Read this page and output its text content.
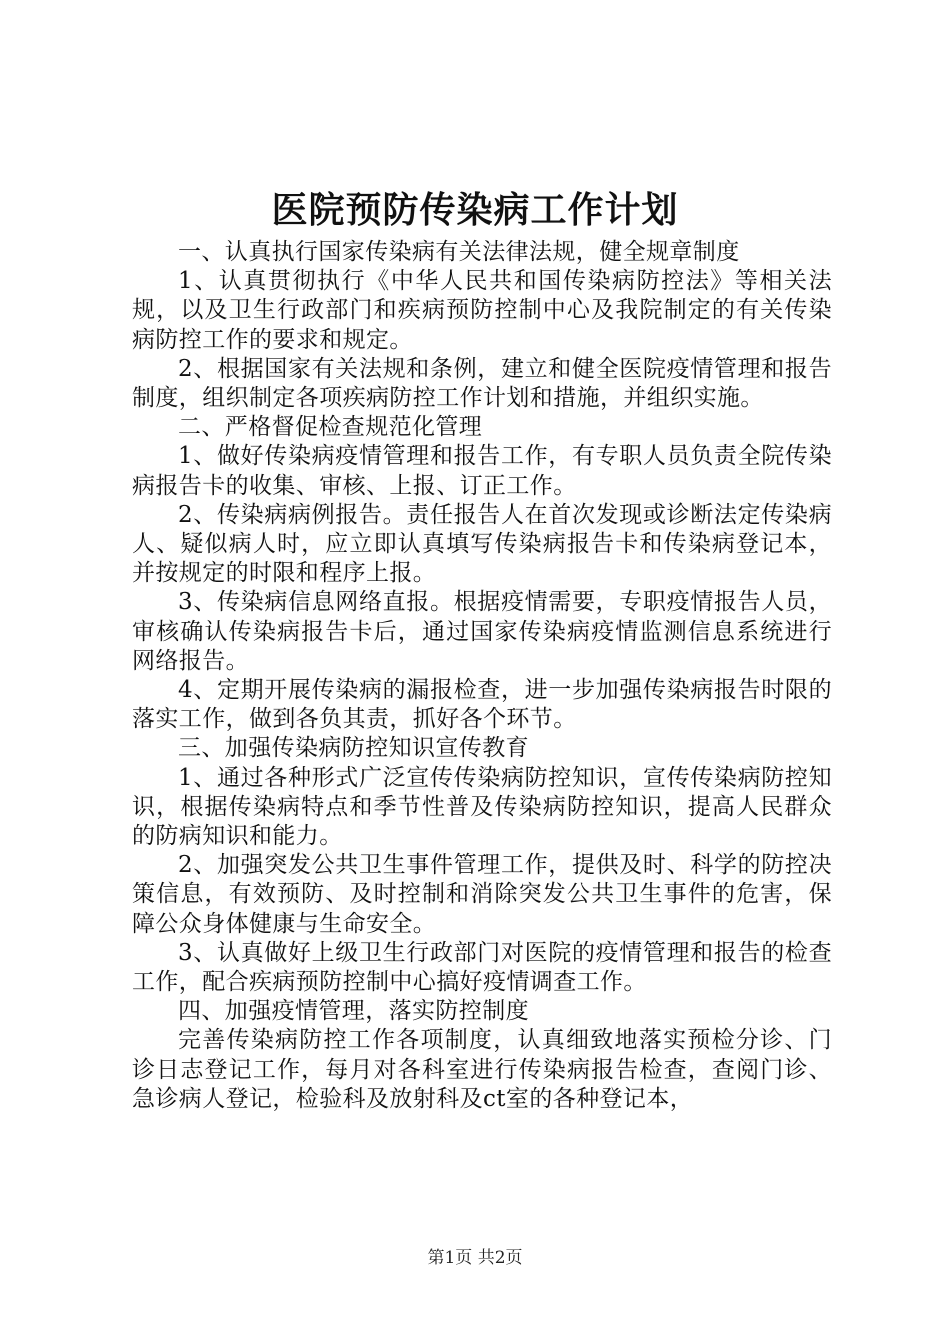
医院预防传染病工作计划

一、认真执行国家传染病有关法律法规，健全规章制度

1、认真贯彻执行《中华人民共和国传染病防控法》等相关法规，以及卫生行政部门和疾病预防控制中心及我院制定的有关传染病防控工作的要求和规定。

2、根据国家有关法规和条例，建立和健全医院疫情管理和报告制度，组织制定各项疾病防控工作计划和措施，并组织实施。

二、严格督促检查规范化管理

1、做好传染病疫情管理和报告工作，有专职人员负责全院传染病报告卡的收集、审核、上报、订正工作。

2、传染病病例报告。责任报告人在首次发现或诊断法定传染病人、疑似病人时，应立即认真填写传染病报告卡和传染病登记本，并按规定的时限和程序上报。

3、传染病信息网络直报。根据疫情需要，专职疫情报告人员，审核确认传染病报告卡后，通过国家传染病疫情监测信息系统进行网络报告。

4、定期开展传染病的漏报检查，进一步加强传染病报告时限的落实工作，做到各负其责，抓好各个环节。

三、加强传染病防控知识宣传教育

1、通过各种形式广泛宣传传染病防控知识，宣传传染病防控知识，根据传染病特点和季节性普及传染病防控知识，提高人民群众的防病知识和能力。

2、加强突发公共卫生事件管理工作，提供及时、科学的防控决策信息，有效预防、及时控制和消除突发公共卫生事件的危害，保障公众身体健康与生命安全。

3、认真做好上级卫生行政部门对医院的疫情管理和报告的检查工作，配合疾病预防控制中心搞好疫情调查工作。

四、加强疫情管理，落实防控制度

完善传染病防控工作各项制度，认真细致地落实预检分诊、门诊日志登记工作，每月对各科室进行传染病报告检查，查阅门诊、急诊病人登记，检验科及放射科及ct室的各种登记本，

第1页 共2页
